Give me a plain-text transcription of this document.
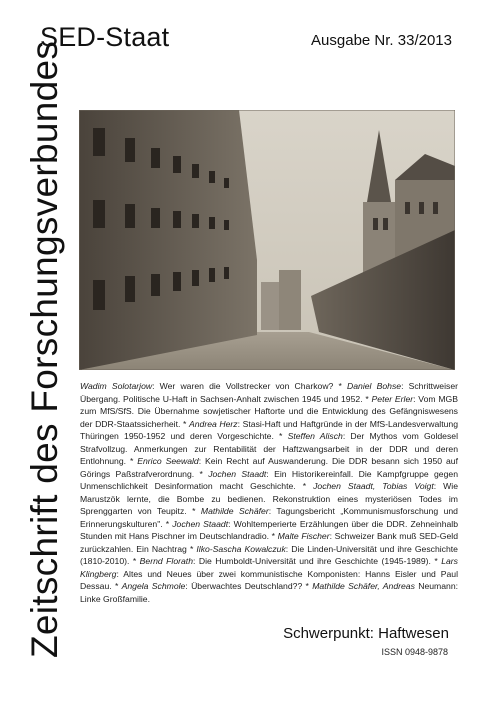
SED-Staat	Ausgabe Nr. 33/2013
Zeitschrift des Forschungsverbundes Wadim Solotarjow: Wer waren die Vollstrecker von Charkow? * Daniel Bohse: Schrittweiser Übergang. Politische U-Haft in Sachsen-Anhalt zwischen 1945 und 1952. * Peter Erler: Vom MGB zum MfS/SfS. Die Übernahme sowjetischer Haftorte und die Entwicklung des Gefängniswesens der DDR-Staatssicherheit. * Andrea Herz: Stasi-Haft und Haftgründe in der MfS-Landesverwaltung Thüringen 1950-1952 und deren Vorgeschichte. * Steffen Alisch: Der Mythos vom Goldesel Strafvollzug. Anmerkungen zur Rentabilität der Haftzwangsarbeit in der DDR und deren Entlohnung. * Enrico Seewald: Kein Recht auf Auswanderung. Die DDR besann sich 1950 auf Görings Paßstrafverordnung. * Jochen Staadt: Ein Historikereinfall. Die Kampfgruppe gegen Unmenschlichkeit Desinformation macht Geschichte. * Jochen Staadt, Tobias Voigt: Wie Marustzök lernte, die Bombe zu bedienen. Rekonstruktion eines mysteriösen Todes im Sprenggarten von Teupitz. * Mathilde Schäfer: Tagungsbericht „Kommunismusforschung und Erinnerungskulturen". * Jochen Staadt: Wohltemperierte Erzählungen über die DDR. Zehneinhalb Stunden mit Hans Pischner im Deutschlandradio. * Malte Fischer: Schweizer Bank muß SED-Geld zurückzahlen. Ein Nachtrag * Ilko-Sascha Kowalczuk: Die Linden-Universität und ihre Geschichte (1810-2010). * Bernd Florath: Die Humboldt-Universität und ihre Geschichte (1945-1989). * Lars Klingberg: Altes und Neues über zwei kommunistische Komponisten: Hanns Eisler und Paul Dessau. * Angela Schmole: Überwachtes Deutschland?? * Mathilde Schäfer, Andreas Neumann: Linke Großfamilie.
Schwerpunkt: Haftwesen
ISSN 0948-9878
